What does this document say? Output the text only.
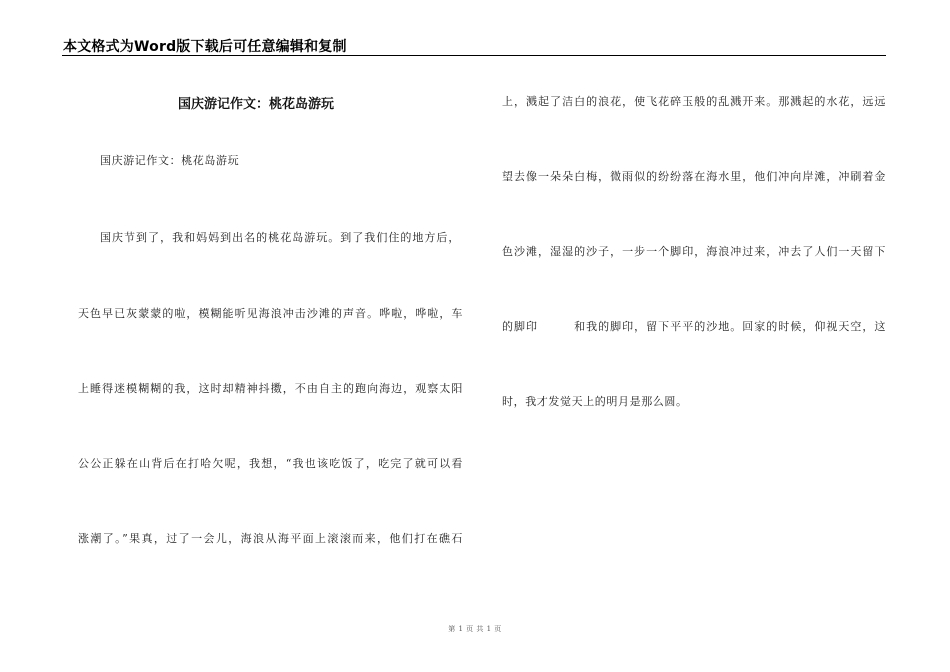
本文格式为Word版下载后可任意编辑和复制
国庆游记作文：桃花岛游玩
国庆游记作文：桃花岛游玩
国庆节到了，我和妈妈到出名的桃花岛游玩。到了我们住的地方后，
天色早已灰蒙蒙的啦，模糊能听见海浪冲击沙滩的声音。哗啦，哗啦，车
上睡得迷模糊糊的我，这时却精神抖擞，不由自主的跑向海边，观察太阳
公公正躲在山背后在打哈欠呢，我想，“我也该吃饭了，吃完了就可以看
涨潮了。”果真，过了一会儿，海浪从海平面上滚滚而来，他们打在礁石
上，溅起了洁白的浪花，使飞花碎玉般的乱溅开来。那溅起的水花，远远
望去像一朵朵白梅，微雨似的纷纷落在海水里，他们冲向岸滩，冲刷着金
色沙滩，湿湿的沙子，一步一个脚印，海浪冲过来，冲去了人们一天留下
的脚印        和我的脚印，留下平平的沙地。回家的时候，仰视天空，这
时，我才发觉天上的明月是那么圆。
第 1 页 共 1 页
